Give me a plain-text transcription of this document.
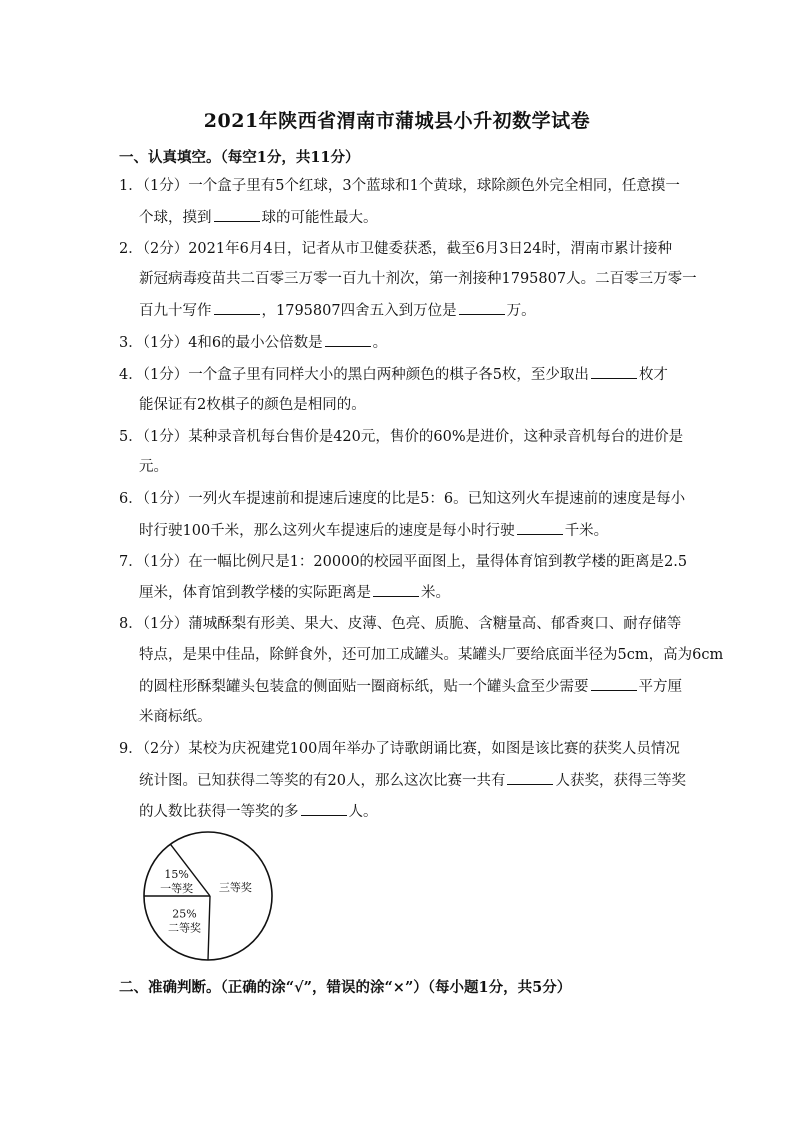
2021年陕西省渭南市蒲城县小升初数学试卷
一、认真填空。（每空1分，共11分）
1．（1分）一个盒子里有5个红球，3个蓝球和1个黄球，球除颜色外完全相同，任意摸一
个球，摸到	球的可能性最大。
2．（2分）2021年6月4日，记者从市卫健委获悉，截至6月3日24时，渭南市累计接种
新冠病毒疫苗共二百零三万零一百九十剂次，第一剂接种1795807人。二百零三万零一
百九十写作	，1795807四舍五入到万位是	万。
3．（1分）4和6的最小公倍数是	。
4．（1分）一个盒子里有同样大小的黑白两种颜色的棋子各5枚，至少取出	枚才
能保证有2枚棋子的颜色是相同的。
5．（1分）某种录音机每台售价是420元，售价的60%是进价，这种录音机每台的进价是
元。
6．（1分）一列火车提速前和提速后速度的比是5：6。已知这列火车提速前的速度是每小
时行驶100千米，那么这列火车提速后的速度是每小时行驶	千米。
7．（1分）在一幅比例尺是1：20000的校园平面图上，量得体育馆到教学楼的距离是2.5
厘米，体育馆到教学楼的实际距离是	米。
8．（1分）蒲城酥梨有形美、果大、皮薄、色亮、质脆、含糖量高、郁香爽口、耐存储等
特点，是果中佳品，除鲜食外，还可加工成罐头。某罐头厂要给底面半径为5cm，高为6cm
的圆柱形酥梨罐头包装盒的侧面贴一圈商标纸，贴一个罐头盒至少需要	平方厘
米商标纸。
9．（2分）某校为庆祝建党100周年举办了诗歌朗诵比赛，如图是该比赛的获奖人员情况
统计图。已知获得二等奖的有20人，那么这次比赛一共有	人获奖，获得三等奖
的人数比获得一等奖的多	人。
15%
一等奖
25%
二等奖
三等奖
二、准确判断。（正确的涂“√”，错误的涂“×”）（每小题1分，共5分）
